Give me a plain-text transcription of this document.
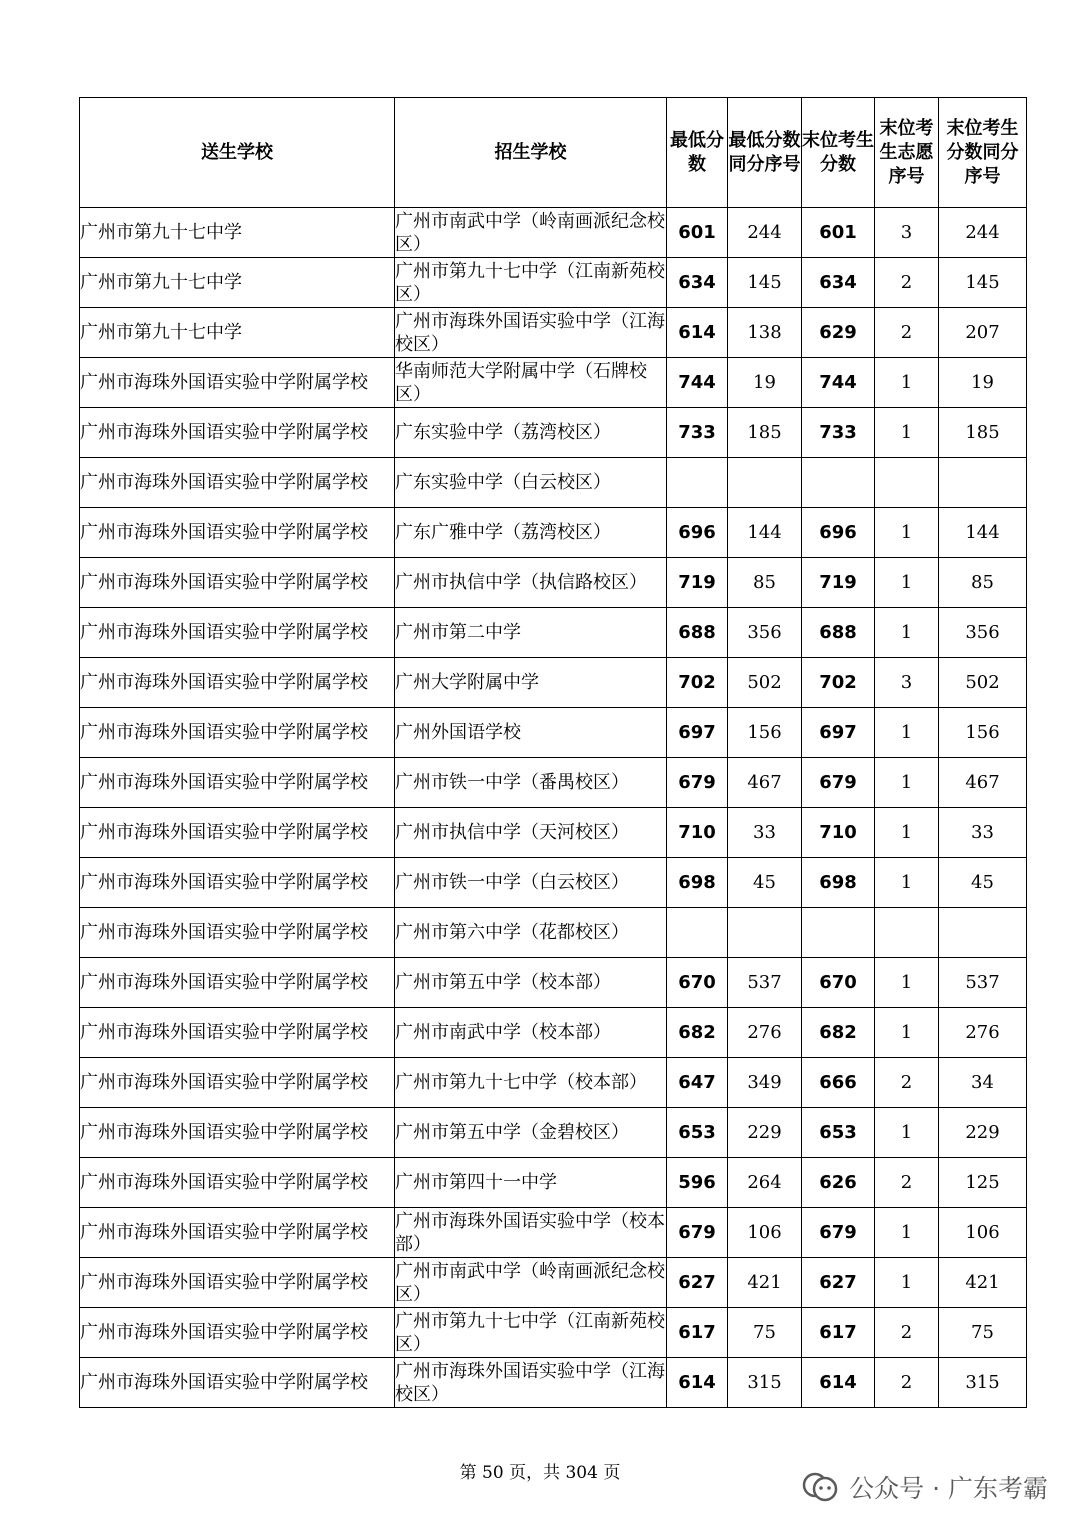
送生学校	招生学校	最低分数	最低分数同分序号	末位考生分数	末位考生志愿序号	末位考生分数同分序号
广州市第九十七中学	广州市南武中学（岭南画派纪念校区）	601	244	601	3	244
广州市第九十七中学	广州市第九十七中学（江南新苑校区）	634	145	634	2	145
广州市第九十七中学	广州市海珠外国语实验中学（江海校区）	614	138	629	2	207
广州市海珠外国语实验中学附属学校	华南师范大学附属中学（石牌校区）	744	19	744	1	19
广州市海珠外国语实验中学附属学校	广东实验中学（荔湾校区）	733	185	733	1	185
广州市海珠外国语实验中学附属学校	广东实验中学（白云校区）					
广州市海珠外国语实验中学附属学校	广东广雅中学（荔湾校区）	696	144	696	1	144
广州市海珠外国语实验中学附属学校	广州市执信中学（执信路校区）	719	85	719	1	85
广州市海珠外国语实验中学附属学校	广州市第二中学	688	356	688	1	356
广州市海珠外国语实验中学附属学校	广州大学附属中学	702	502	702	3	502
广州市海珠外国语实验中学附属学校	广州外国语学校	697	156	697	1	156
广州市海珠外国语实验中学附属学校	广州市铁一中学（番禺校区）	679	467	679	1	467
广州市海珠外国语实验中学附属学校	广州市执信中学（天河校区）	710	33	710	1	33
广州市海珠外国语实验中学附属学校	广州市铁一中学（白云校区）	698	45	698	1	45
广州市海珠外国语实验中学附属学校	广州市第六中学（花都校区）					
广州市海珠外国语实验中学附属学校	广州市第五中学（校本部）	670	537	670	1	537
广州市海珠外国语实验中学附属学校	广州市南武中学（校本部）	682	276	682	1	276
广州市海珠外国语实验中学附属学校	广州市第九十七中学（校本部）	647	349	666	2	34
广州市海珠外国语实验中学附属学校	广州市第五中学（金碧校区）	653	229	653	1	229
广州市海珠外国语实验中学附属学校	广州市第四十一中学	596	264	626	2	125
广州市海珠外国语实验中学附属学校	广州市海珠外国语实验中学（校本部）	679	106	679	1	106
广州市海珠外国语实验中学附属学校	广州市南武中学（岭南画派纪念校区）	627	421	627	1	421
广州市海珠外国语实验中学附属学校	广州市第九十七中学（江南新苑校区）	617	75	617	2	75
广州市海珠外国语实验中学附属学校	广州市海珠外国语实验中学（江海校区）	614	315	614	2	315
第 50 页，共 304 页
公众号 · 广东考霸
